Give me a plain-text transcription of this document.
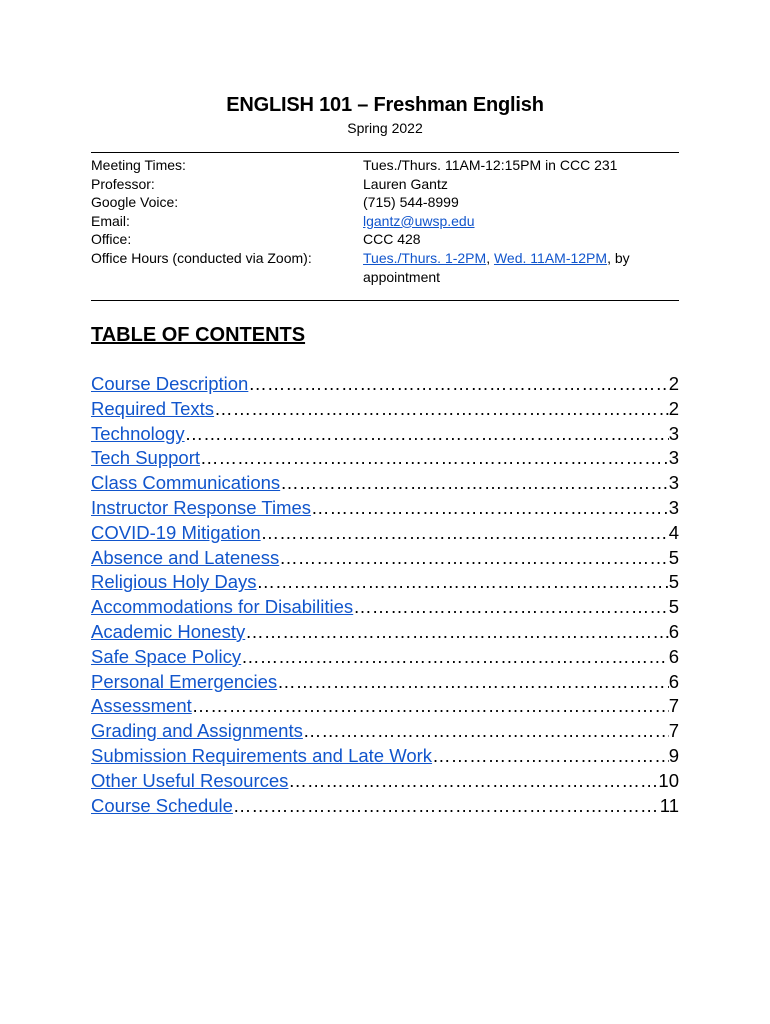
ENGLISH 101 – Freshman English
Spring 2022
Meeting Times:	Tues./Thurs. 11AM-12:15PM in CCC 231
Professor:	Lauren Gantz
Google Voice:	(715) 544-8999
Email:	lgantz@uwsp.edu
Office:	CCC 428
Office Hours (conducted via Zoom):	Tues./Thurs. 1-2PM, Wed. 11AM-12PM, by
appointment
TABLE OF CONTENTS
Course Description ………………………………………………………………………………………………………………	2
Required Texts ………………………………………………………………………………………………………………	2
Technology ………………………………………………………………………………………………………………	3
Tech Support ………………………………………………………………………………………………………………	3
Class Communications ………………………………………………………………………………………………………………	3
Instructor Response Times ………………………………………………………………………………………………………………	3
COVID-19 Mitigation ………………………………………………………………………………………………………………	4
Absence and Lateness ………………………………………………………………………………………………………………	5
Religious Holy Days ………………………………………………………………………………………………………………	5
Accommodations for Disabilities ………………………………………………………………………………………………………………	5
Academic Honesty ………………………………………………………………………………………………………………	6
Safe Space Policy ………………………………………………………………………………………………………………	6
Personal Emergencies ………………………………………………………………………………………………………………	6
Assessment ………………………………………………………………………………………………………………	7
Grading and Assignments ………………………………………………………………………………………………………………	7
Submission Requirements and Late Work ………………………………………………………………………………………………………………	9
Other Useful Resources ………………………………………………………………………………………………………………	10
Course Schedule ………………………………………………………………………………………………………………	11
